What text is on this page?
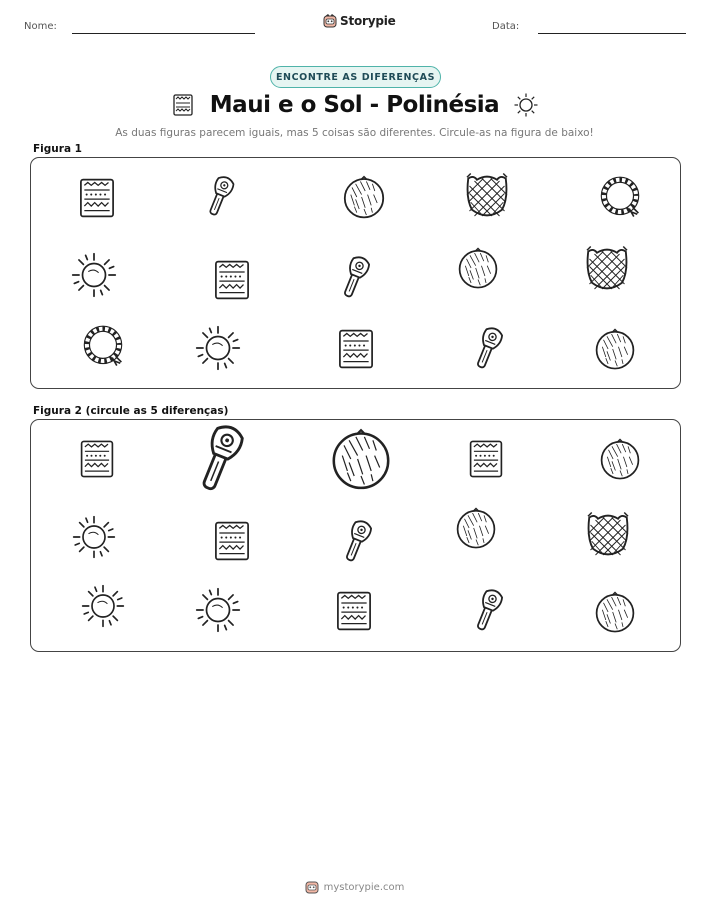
Nome:	Storypie	Data:
ENCONTRE AS DIFERENÇAS
Maui e o Sol - Polinésia
As duas figuras parecem iguais, mas 5 coisas são diferentes. Circule-as na figura de baixo!
Figura 1
Figura 2 (circule as 5 diferenças)
mystorypie.com
